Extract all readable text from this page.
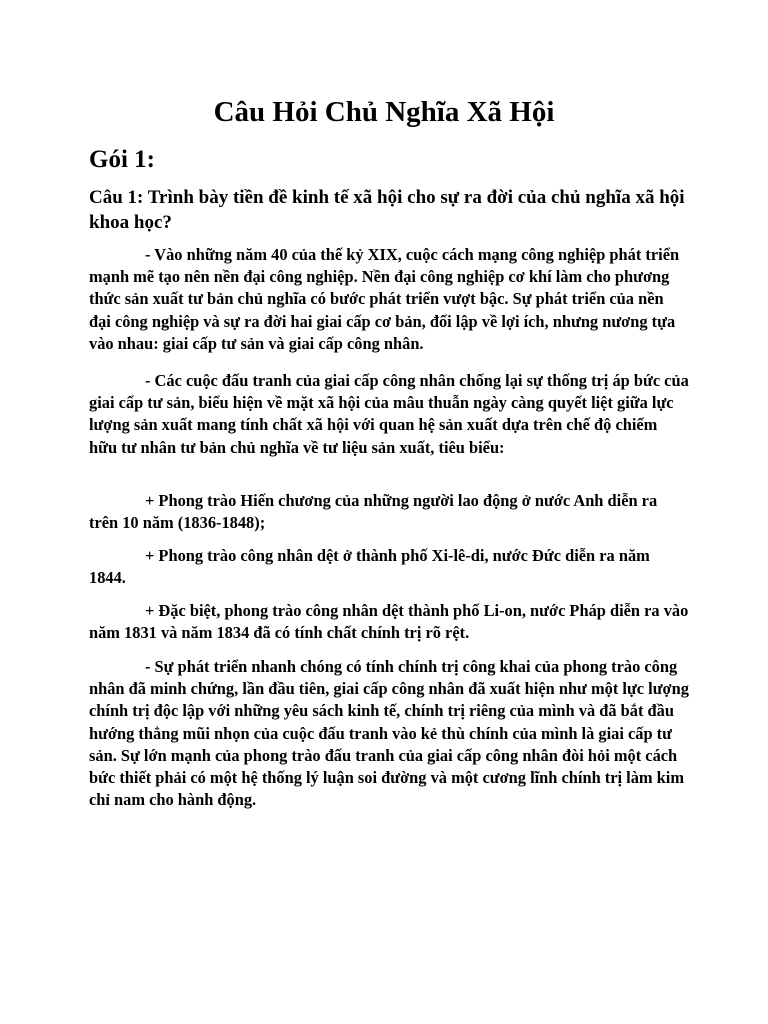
Câu Hỏi Chủ Nghĩa Xã Hội
Gói 1:
Câu 1: Trình bày tiền đề kinh tế xã hội cho sự ra đời của chủ nghĩa xã hội khoa học?

- Vào những năm 40 của thế kỷ XIX, cuộc cách mạng công nghiệp phát triển mạnh mẽ tạo nên nền đại công nghiệp. Nền đại công nghiệp cơ khí làm cho phương thức sản xuất tư bản chủ nghĩa có bước phát triển vượt bậc. Sự phát triển của nền đại công nghiệp và sự ra đời hai giai cấp cơ bản, đối lập về lợi ích, nhưng nương tựa vào nhau: giai cấp tư sản và giai cấp công nhân.

- Các cuộc đấu tranh của giai cấp công nhân chống lại sự thống trị áp bức của giai cấp tư sản, biểu hiện về mặt xã hội của mâu thuẫn ngày càng quyết liệt giữa lực lượng sản xuất mang tính chất xã hội với quan hệ sản xuất dựa trên chế độ chiếm hữu tư nhân tư bản chủ nghĩa về tư liệu sản xuất, tiêu biểu:

+ Phong trào Hiến chương của những người lao động ở nước Anh diễn ra trên 10 năm (1836-1848);

+ Phong trào công nhân dệt ở thành phố Xi-lê-di, nước Đức diễn ra năm 1844.

+ Đặc biệt, phong trào công nhân dệt thành phố Li-on, nước Pháp diễn ra vào năm 1831 và năm 1834 đã có tính chất chính trị rõ rệt.

- Sự phát triển nhanh chóng có tính chính trị công khai của phong trào công nhân đã minh chứng, lần đầu tiên, giai cấp công nhân đã xuất hiện như một lực lượng chính trị độc lập với những yêu sách kinh tế, chính trị riêng của mình và đã bắt đầu hướng thẳng mũi nhọn của cuộc đấu tranh vào kẻ thù chính của mình là giai cấp tư sản. Sự lớn mạnh của phong trào đấu tranh của giai cấp công nhân đòi hỏi một cách bức thiết phải có một hệ thống lý luận soi đường và một cương lĩnh chính trị làm kim chỉ nam cho hành động.
